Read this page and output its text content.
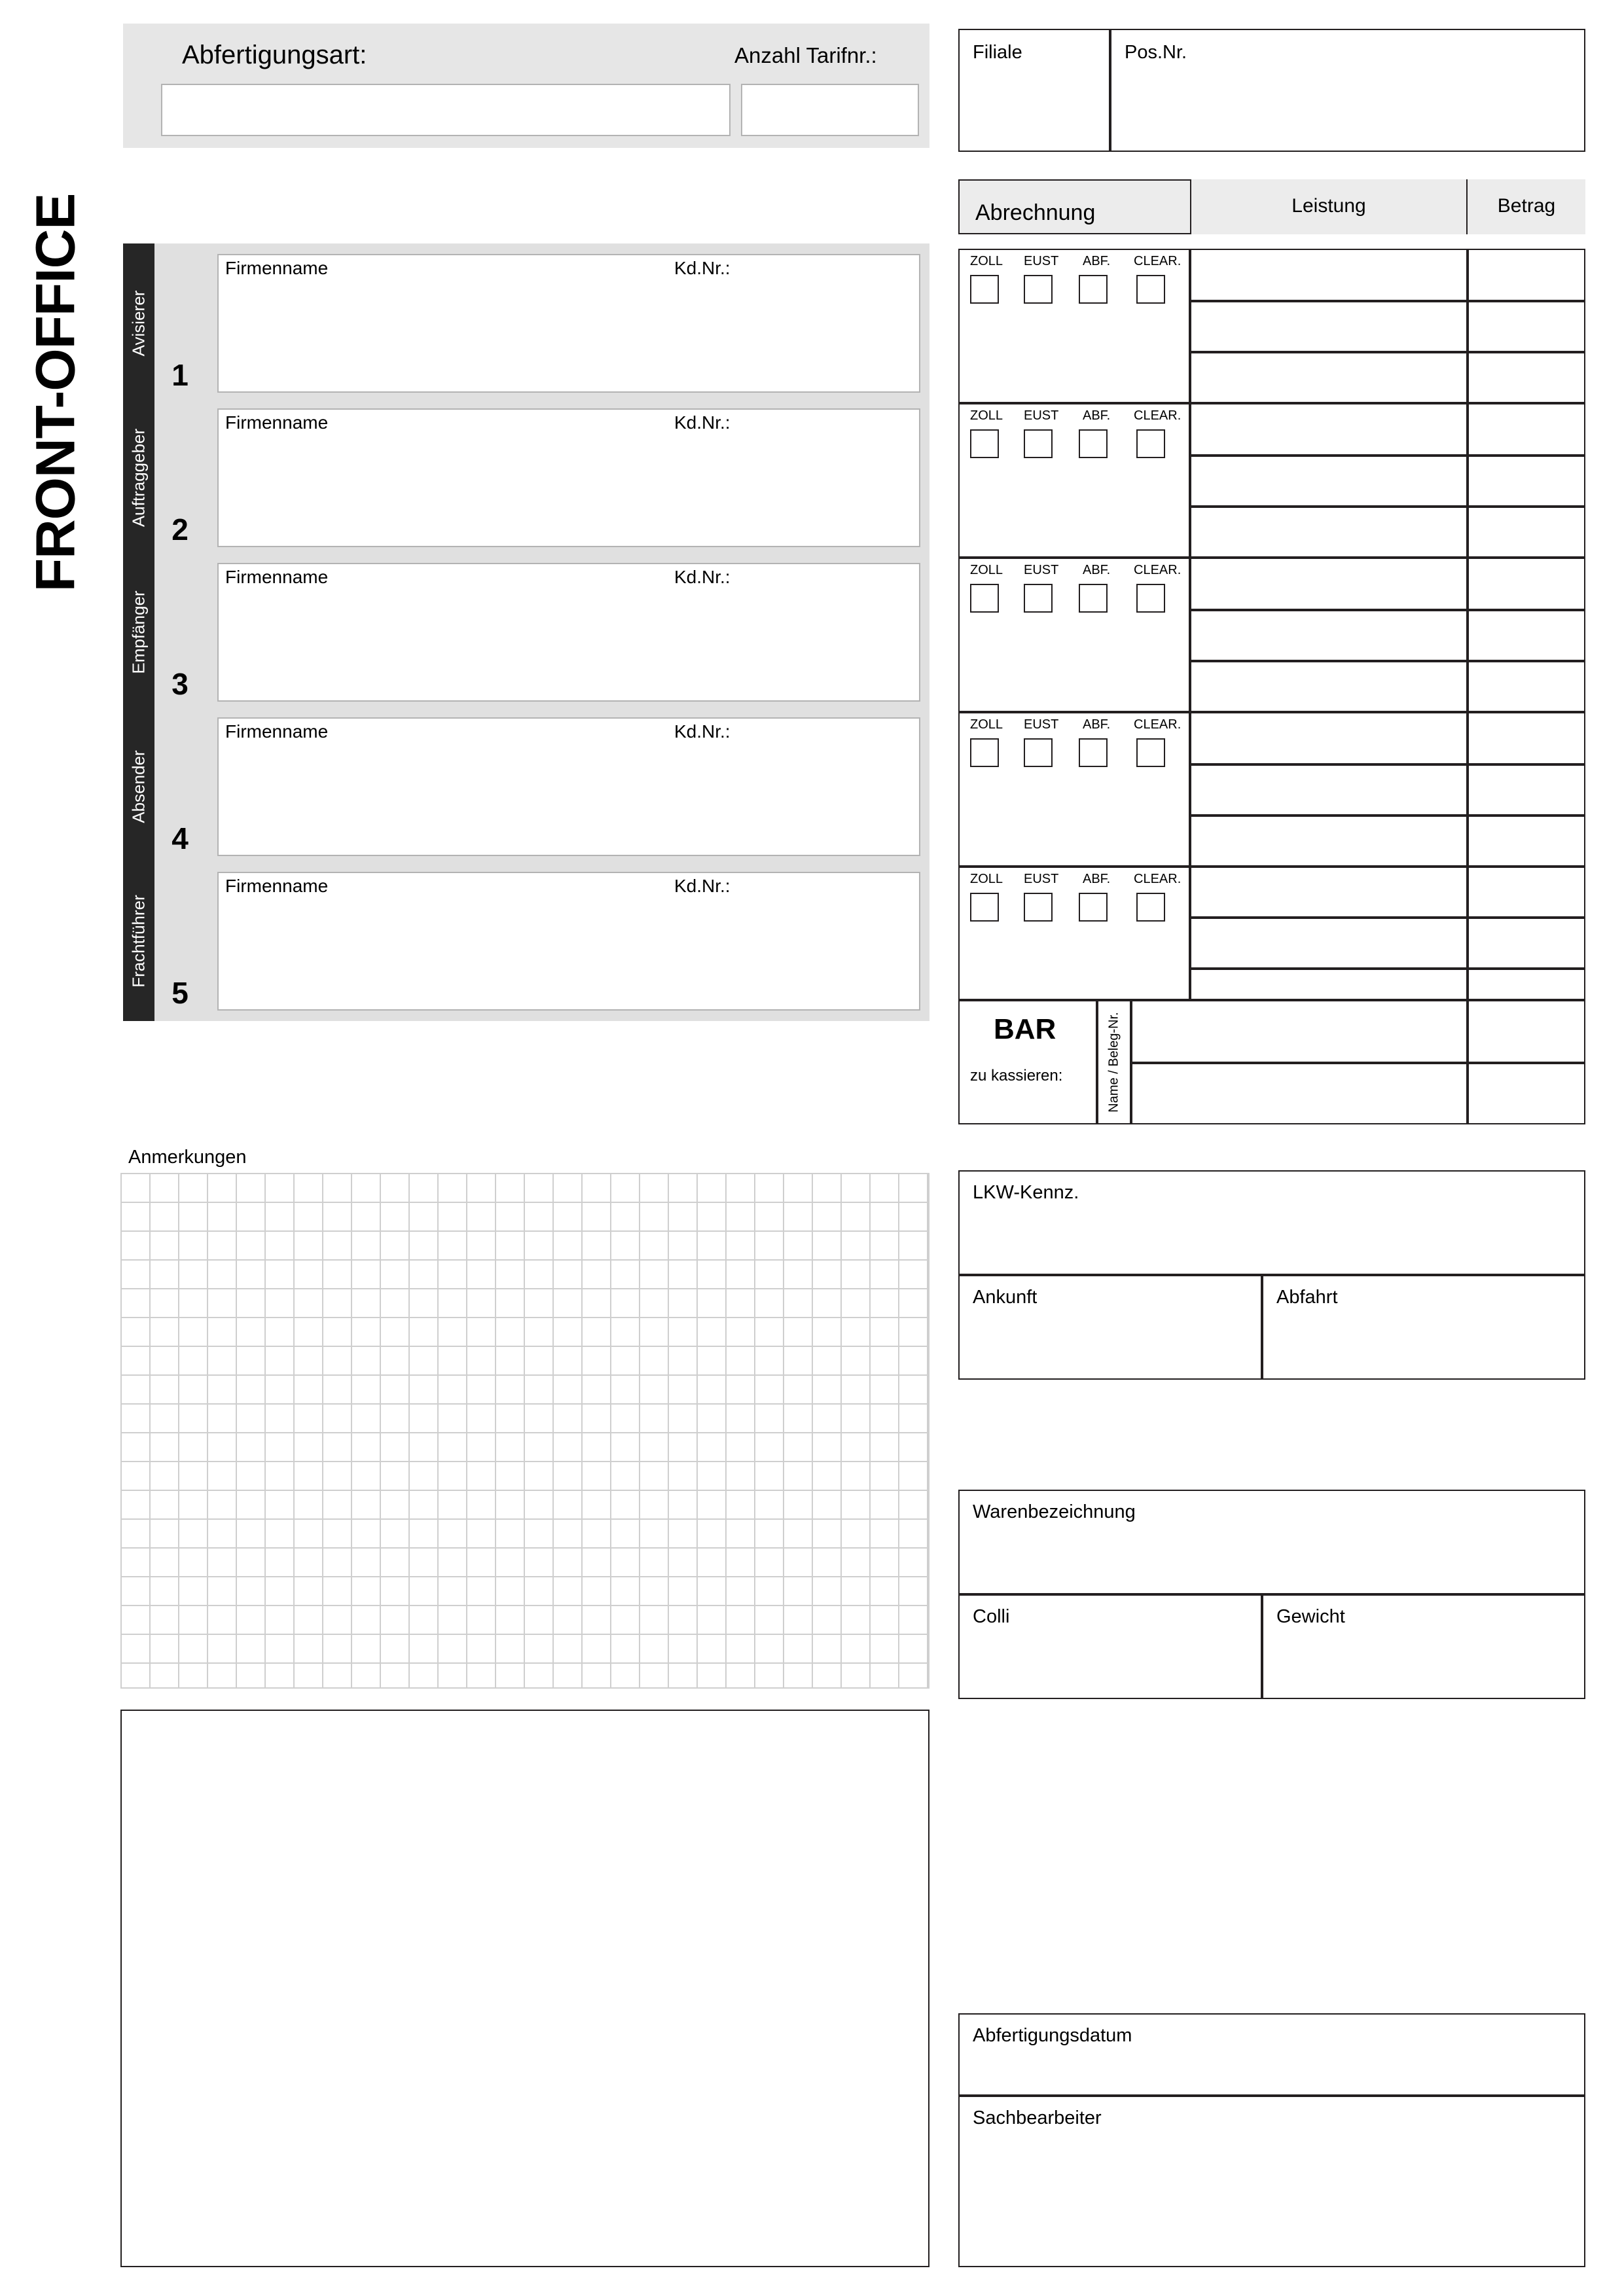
FRONT-OFFICE
Abfertigungsart:	Anzahl Tarifnr.:	Filiale	Pos.Nr.
Avisierer
1
Firmenname	Kd.Nr.:
Auftraggeber
2
Firmenname	Kd.Nr.:
Empfänger
3
Firmenname	Kd.Nr.:
Absender
4
Firmenname	Kd.Nr.:
Frachtführer
5
Firmenname	Kd.Nr.:
Abrechnung	Leistung	Betrag
ZOLL EUST ABF. CLEAR.
ZOLL EUST ABF. CLEAR.
ZOLL EUST ABF. CLEAR.
ZOLL EUST ABF. CLEAR.
ZOLL EUST ABF. CLEAR.
BAR
zu kassieren:	Name / Beleg-Nr.
Anmerkungen
LKW-Kennz.
Ankunft	Abfahrt
Warenbezeichnung
Colli	Gewicht
Abfertigungsdatum
Sachbearbeiter
